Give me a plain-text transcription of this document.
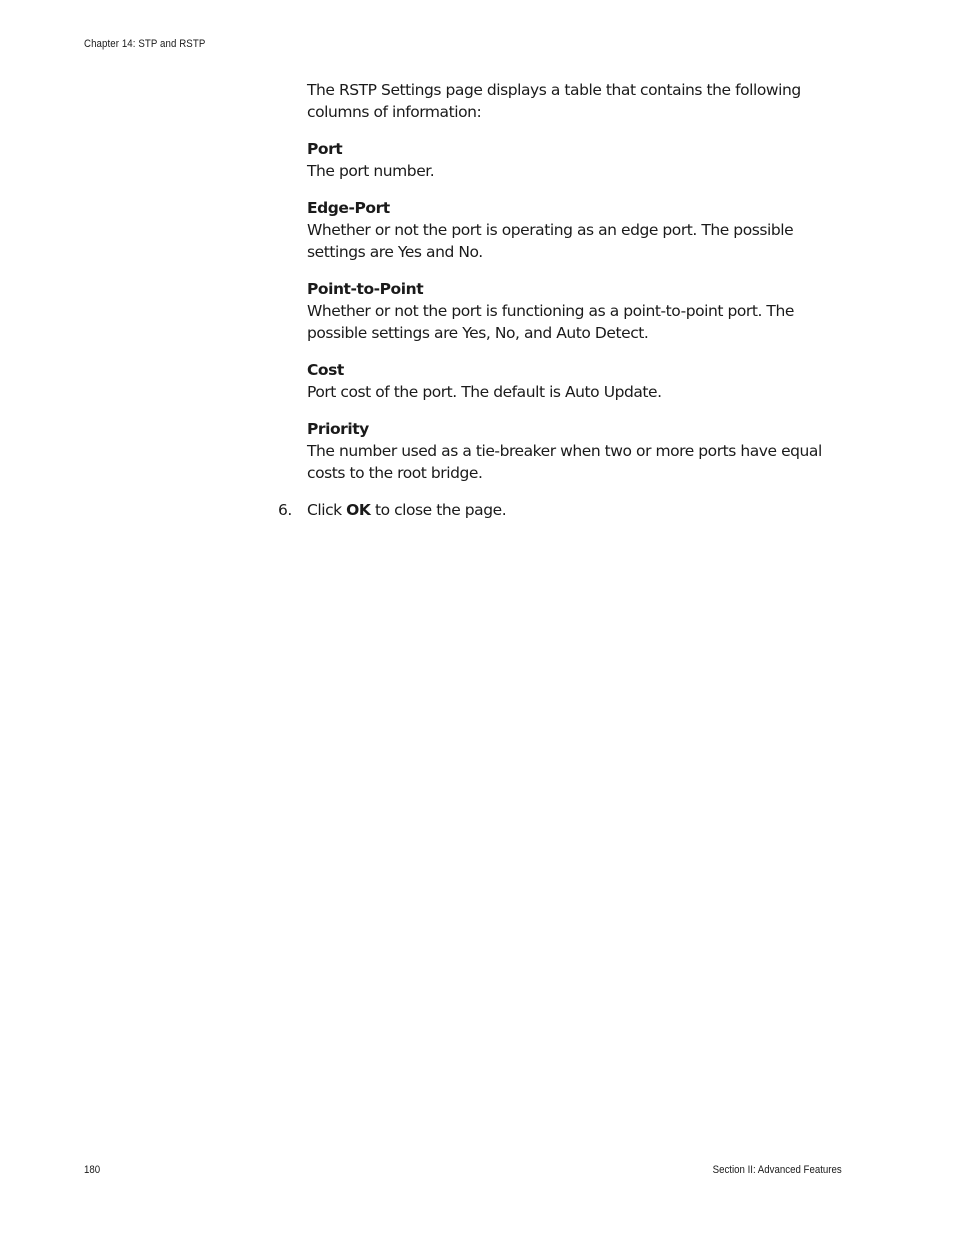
Chapter 14: STP and RSTP

The RSTP Settings page displays a table that contains the following columns of information:

Port
The port number.
Edge-Port
Whether or not the port is operating as an edge port. The possible settings are Yes and No.
Point-to-Point
Whether or not the port is functioning as a point-to-point port. The possible settings are Yes, No, and Auto Detect.
Cost
Port cost of the port. The default is Auto Update.
Priority
The number used as a tie-breaker when two or more ports have equal costs to the root bridge.

6. Click OK to close the page.

180	Section II: Advanced Features
